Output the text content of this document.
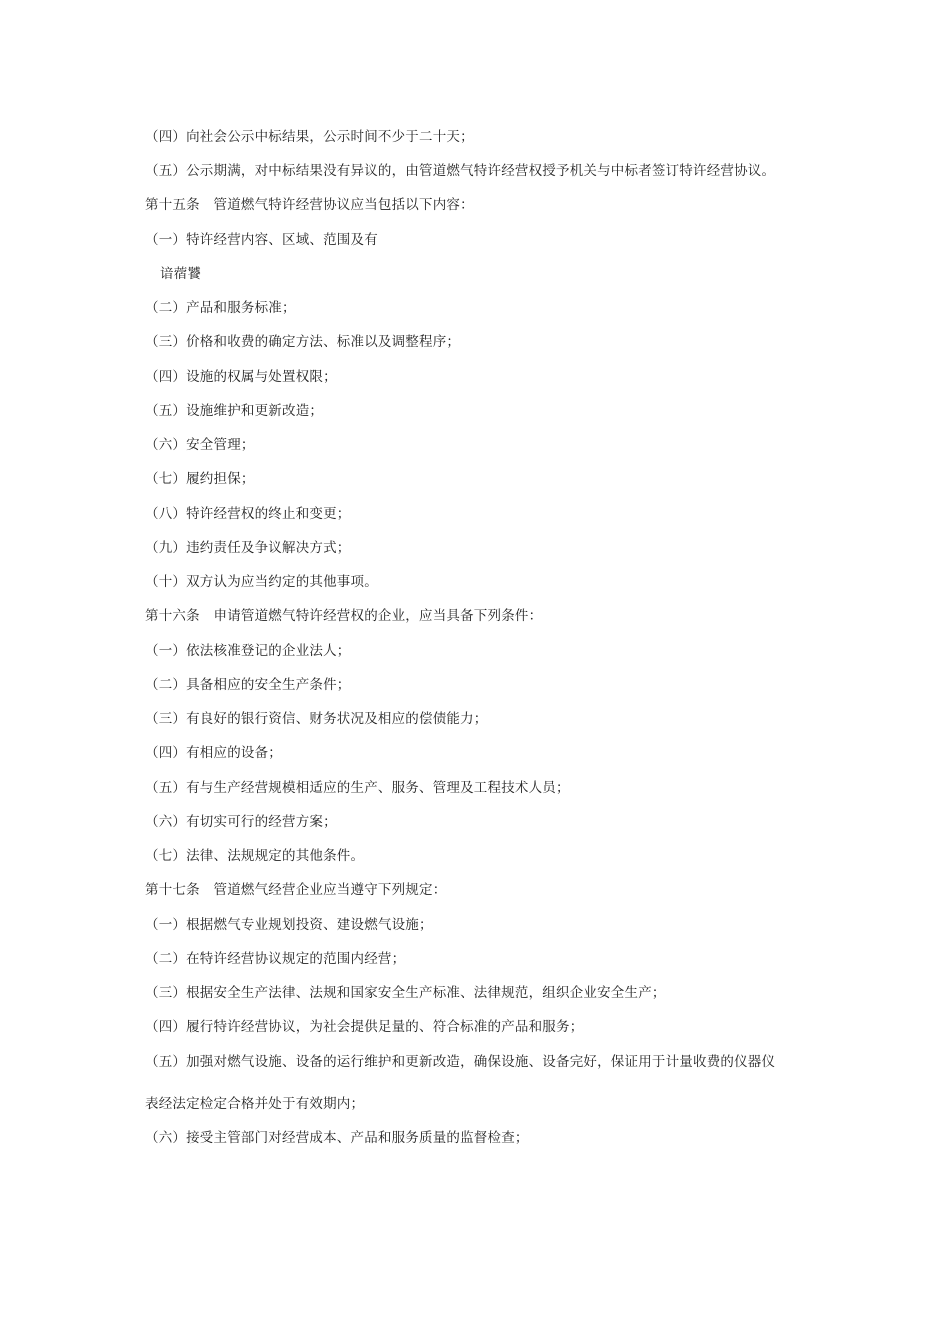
（四）向社会公示中标结果，公示时间不少于二十天；
（五）公示期满，对中标结果没有异议的，由管道燃气特许经营权授予机关与中标者签订特许经营协议。
第十五条　管道燃气特许经营协议应当包括以下内容：
（一）特许经营内容、区域、范围及有
谙蓿饕
（二）产品和服务标准；
（三）价格和收费的确定方法、标准以及调整程序；
（四）设施的权属与处置权限；
（五）设施维护和更新改造；
（六）安全管理；
（七）履约担保；
（八）特许经营权的终止和变更；
（九）违约责任及争议解决方式；
（十）双方认为应当约定的其他事项。
第十六条　申请管道燃气特许经营权的企业，应当具备下列条件：
（一）依法核准登记的企业法人；
（二）具备相应的安全生产条件；
（三）有良好的银行资信、财务状况及相应的偿债能力；
（四）有相应的设备；
（五）有与生产经营规模相适应的生产、服务、管理及工程技术人员；
（六）有切实可行的经营方案；
（七）法律、法规规定的其他条件。
第十七条　管道燃气经营企业应当遵守下列规定：
（一）根据燃气专业规划投资、建设燃气设施；
（二）在特许经营协议规定的范围内经营；
（三）根据安全生产法律、法规和国家安全生产标准、法律规范，组织企业安全生产；
（四）履行特许经营协议，为社会提供足量的、符合标准的产品和服务；
（五）加强对燃气设施、设备的运行维护和更新改造，确保设施、设备完好，保证用于计量收费的仪器仪
表经法定检定合格并处于有效期内；
（六）接受主管部门对经营成本、产品和服务质量的监督检查；
